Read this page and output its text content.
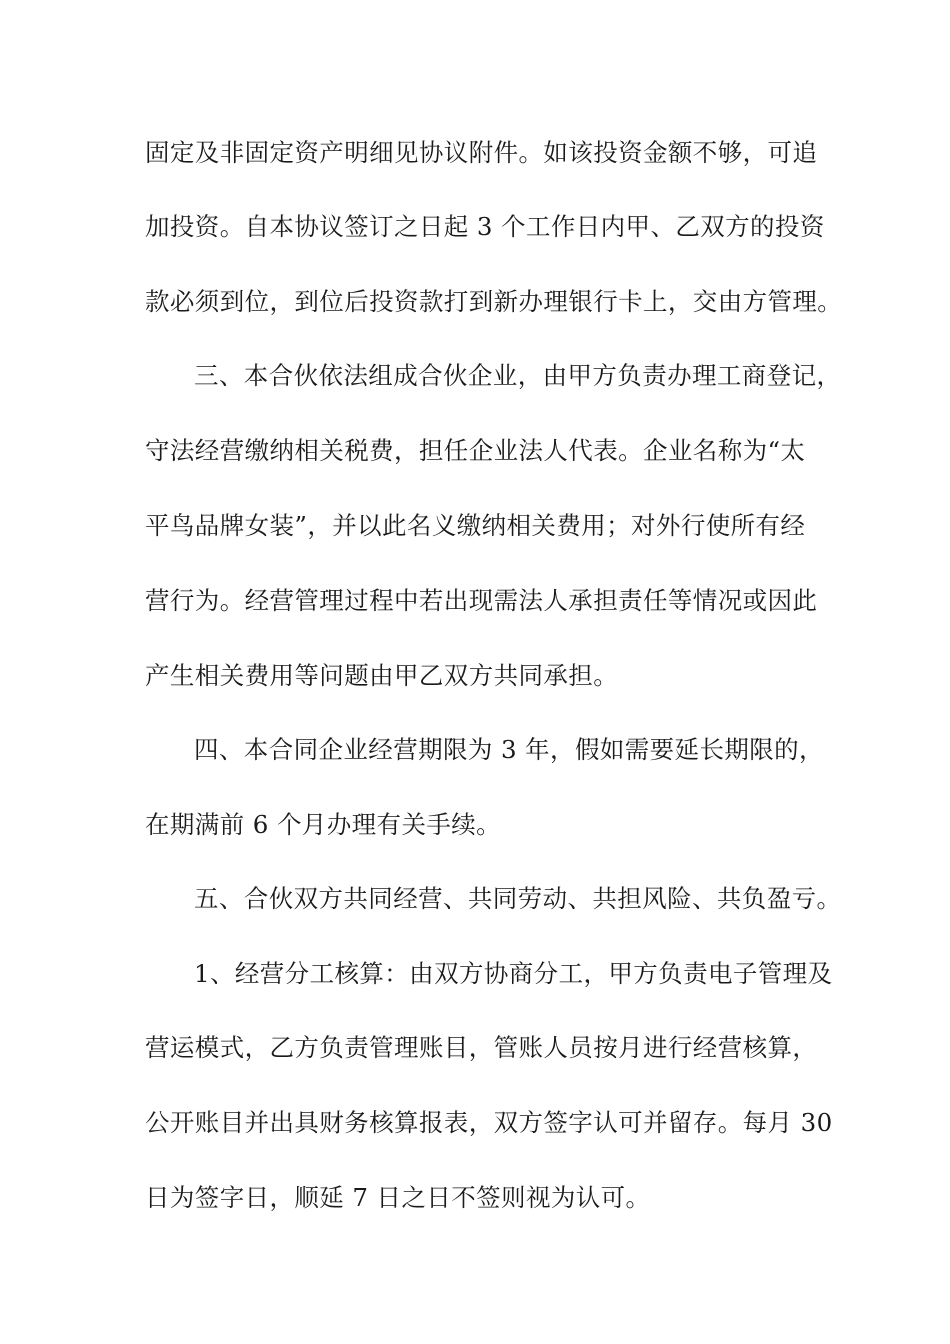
固定及非固定资产明细见协议附件。如该投资金额不够，可追
加投资。自本协议签订之日起 3 个工作日内甲、乙双方的投资
款必须到位，到位后投资款打到新办理银行卡上，交由方管理。
三、本合伙依法组成合伙企业，由甲方负责办理工商登记，
守法经营缴纳相关税费，担任企业法人代表。企业名称为“太
平鸟品牌女装”，并以此名义缴纳相关费用；对外行使所有经
营行为。经营管理过程中若出现需法人承担责任等情况或因此
产生相关费用等问题由甲乙双方共同承担。
四、本合同企业经营期限为 3 年，假如需要延长期限的，
在期满前 6 个月办理有关手续。
五、合伙双方共同经营、共同劳动、共担风险、共负盈亏。
1、经营分工核算：由双方协商分工，甲方负责电子管理及
营运模式，乙方负责管理账目，管账人员按月进行经营核算，
公开账目并出具财务核算报表，双方签字认可并留存。每月 30
日为签字日，顺延 7 日之日不签则视为认可。
